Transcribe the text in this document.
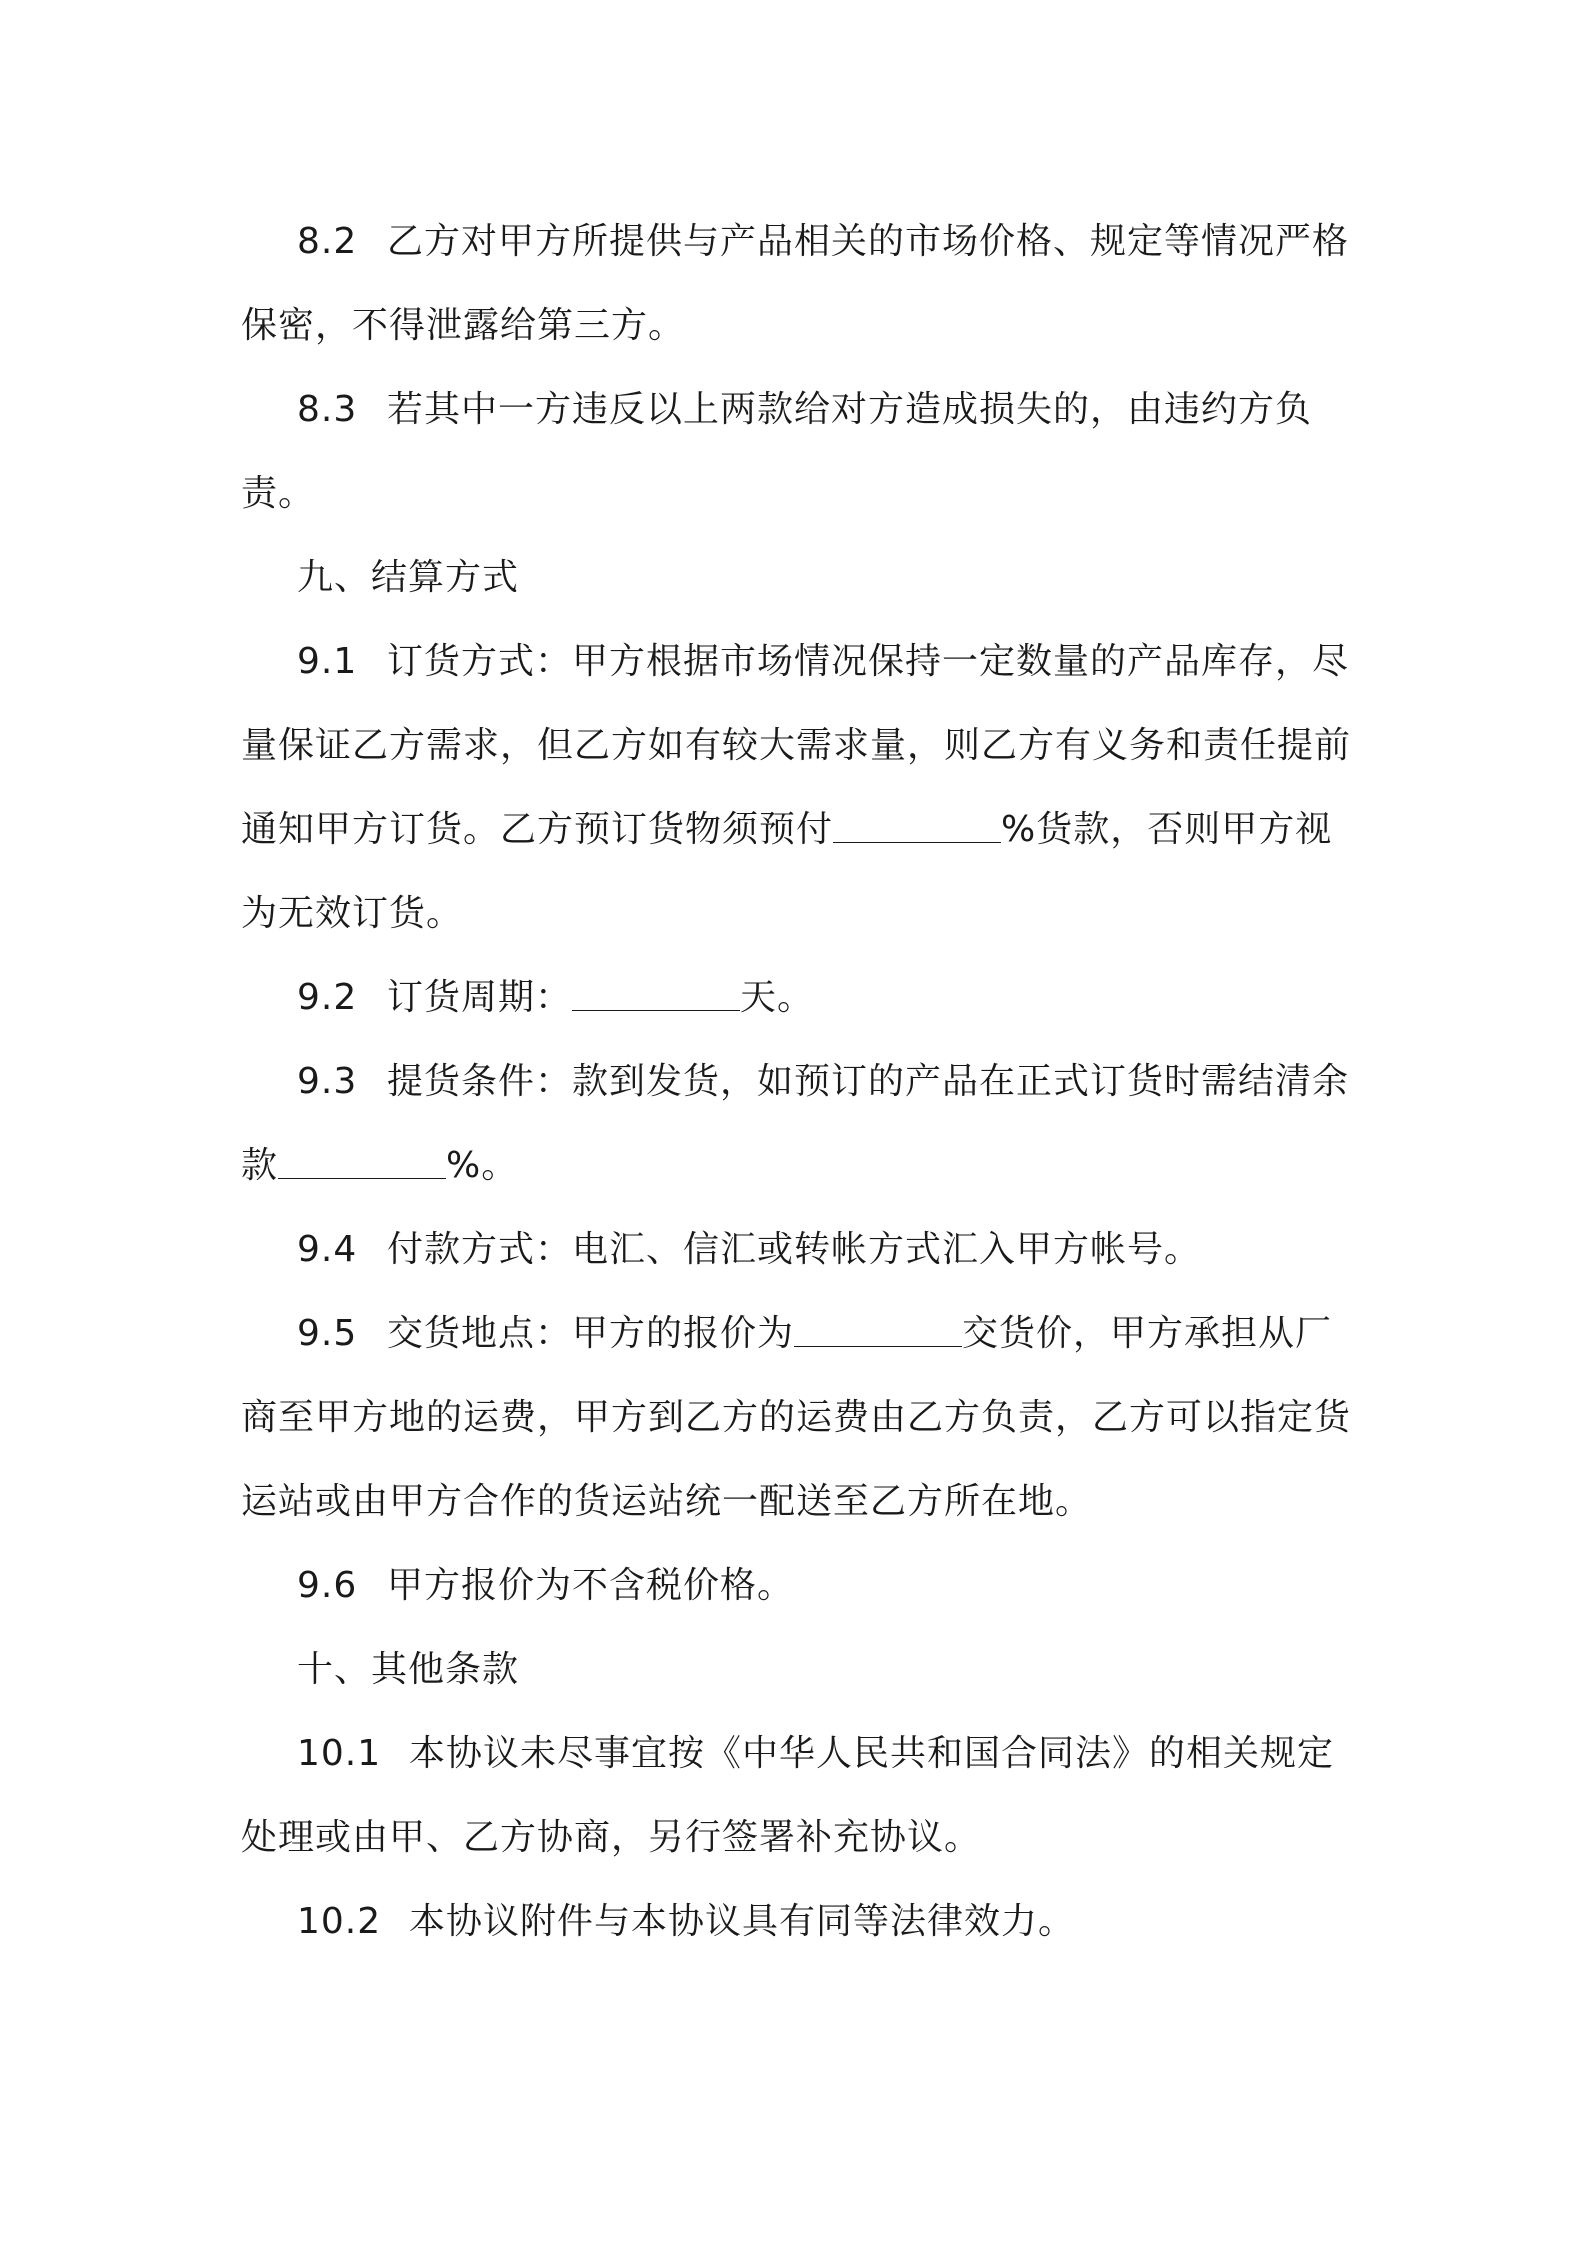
8.2 乙方对甲方所提供与产品相关的市场价格、规定等情况严格保密，不得泄露给第三方。

8.3 若其中一方违反以上两款给对方造成损失的，由违约方负责。

九、结算方式

9.1 订货方式：甲方根据市场情况保持一定数量的产品库存，尽量保证乙方需求，但乙方如有较大需求量，则乙方有义务和责任提前通知甲方订货。乙方预订货物须预付	%货款，否则甲方视为无效订货。

9.2 订货周期：	天。

9.3 提货条件：款到发货，如预订的产品在正式订货时需结清余款	%。

9.4 付款方式：电汇、信汇或转帐方式汇入甲方帐号。

9.5 交货地点：甲方的报价为	交货价，甲方承担从厂商至甲方地的运费，甲方到乙方的运费由乙方负责，乙方可以指定货运站或由甲方合作的货运站统一配送至乙方所在地。

9.6 甲方报价为不含税价格。

十、其他条款

10.1 本协议未尽事宜按《中华人民共和国合同法》的相关规定处理或由甲、乙方协商，另行签署补充协议。

10.2 本协议附件与本协议具有同等法律效力。
